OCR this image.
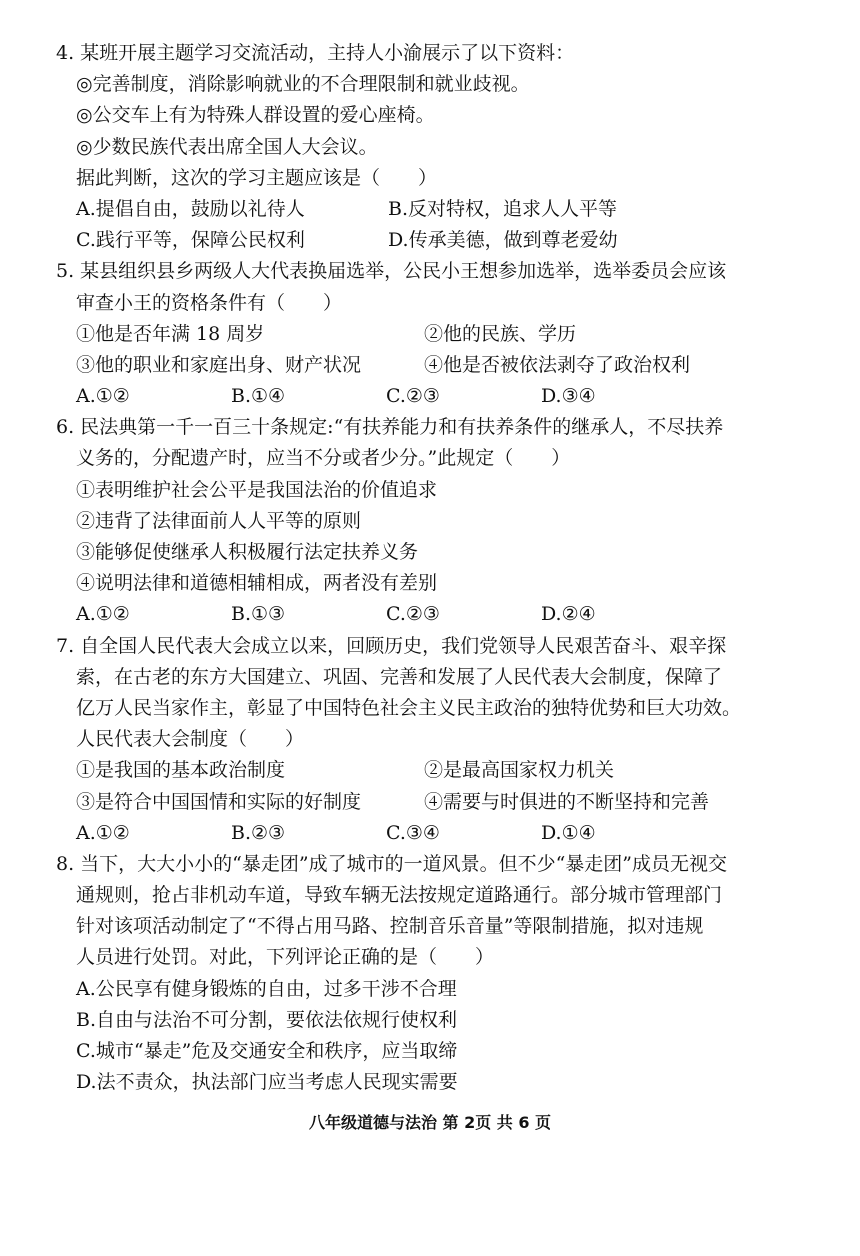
4. 某班开展主题学习交流活动，主持人小渝展示了以下资料：
◎完善制度，消除影响就业的不合理限制和就业歧视。
◎公交车上有为特殊人群设置的爱心座椅。
◎少数民族代表出席全国人大会议。
据此判断，这次的学习主题应该是（　　）
A.提倡自由，鼓励以礼待人	B.反对特权，追求人人平等
C.践行平等，保障公民权利	D.传承美德，做到尊老爱幼
5. 某县组织县乡两级人大代表换届选举，公民小王想参加选举，选举委员会应该
审查小王的资格条件有（　　）
①他是否年满 18 周岁	②他的民族、学历
③他的职业和家庭出身、财产状况	④他是否被依法剥夺了政治权利
A.①②	B.①④	C.②③	D.③④
6. 民法典第一千一百三十条规定:“有扶养能力和有扶养条件的继承人，不尽扶养
义务的，分配遗产时，应当不分或者少分。”此规定（　　）
①表明维护社会公平是我国法治的价值追求
②违背了法律面前人人平等的原则
③能够促使继承人积极履行法定扶养义务
④说明法律和道德相辅相成，两者没有差别
A.①②	B.①③	C.②③	D.②④
7. 自全国人民代表大会成立以来，回顾历史，我们党领导人民艰苦奋斗、艰辛探
索，在古老的东方大国建立、巩固、完善和发展了人民代表大会制度，保障了
亿万人民当家作主，彰显了中国特色社会主义民主政治的独特优势和巨大功效。
人民代表大会制度（　　）
①是我国的基本政治制度	②是最高国家权力机关
③是符合中国国情和实际的好制度	④需要与时俱进的不断坚持和完善
A.①②	B.②③	C.③④	D.①④
8. 当下，大大小小的“暴走团”成了城市的一道风景。但不少“暴走团”成员无视交
通规则，抢占非机动车道，导致车辆无法按规定道路通行。部分城市管理部门
针对该项活动制定了“不得占用马路、控制音乐音量”等限制措施，拟对违规
人员进行处罚。对此，下列评论正确的是（　　）
A.公民享有健身锻炼的自由，过多干涉不合理
B.自由与法治不可分割，要依法依规行使权利
C.城市“暴走”危及交通安全和秩序，应当取缔
D.法不责众，执法部门应当考虑人民现实需要
八年级道德与法治 第 2页 共 6 页
